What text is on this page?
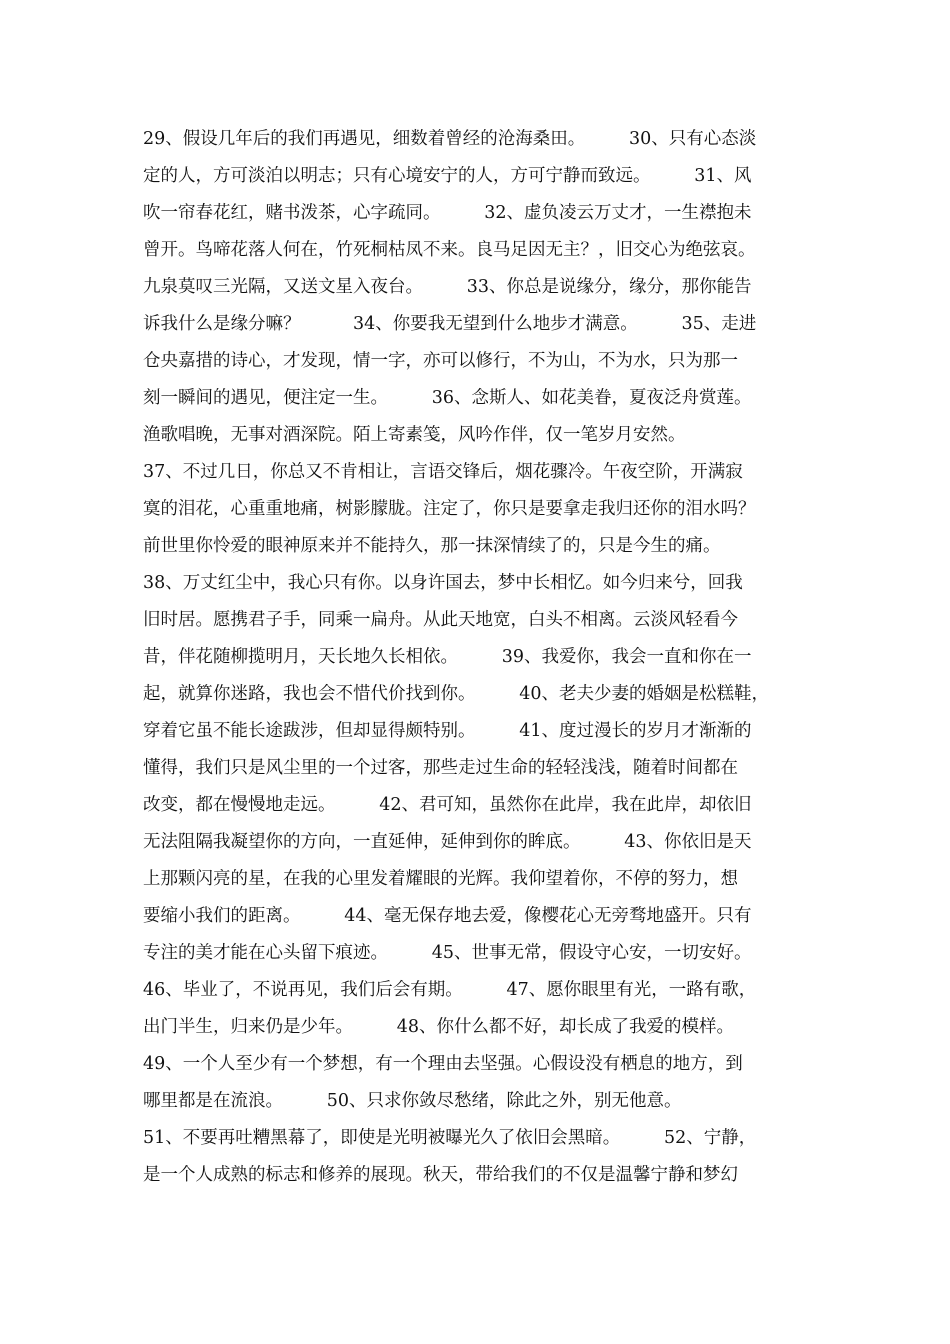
29、假设几年后的我们再遇见，细数着曾经的沧海桑田。　　　30、只有心态淡
定的人，方可淡泊以明志；只有心境安宁的人，方可宁静而致远。　　　31、风
吹一帘春花红，赌书泼茶，心字疏同。　　　32、虚负凌云万丈才，一生襟抱未
曾开。鸟啼花落人何在，竹死桐枯凤不来。良马足因无主？，旧交心为绝弦哀。
九泉莫叹三光隔，又送文星入夜台。　　　33、你总是说缘分，缘分，那你能告
诉我什么是缘分嘛？　　　34、你要我无望到什么地步才满意。　　　35、走进
仓央嘉措的诗心，才发现，情一字，亦可以修行，不为山，不为水，只为那一
刻一瞬间的遇见，便注定一生。　　　36、念斯人、如花美眷，夏夜泛舟赏莲。
渔歌唱晚，无事对酒深院。陌上寄素笺，风吟作伴，仅一笔岁月安然。
37、不过几日，你总又不肯相让，言语交锋后，烟花骤冷。午夜空阶，开满寂
寞的泪花，心重重地痛，树影朦胧。注定了，你只是要拿走我归还你的泪水吗？
前世里你怜爱的眼神原来并不能持久，那一抹深情续了的，只是今生的痛。
38、万丈红尘中，我心只有你。以身许国去，梦中长相忆。如今归来兮，回我
旧时居。愿携君子手，同乘一扁舟。从此天地宽，白头不相离。云淡风轻看今
昔，伴花随柳揽明月，天长地久长相依。　　　39、我爱你，我会一直和你在一
起，就算你迷路，我也会不惜代价找到你。　　　40、老夫少妻的婚姻是松糕鞋，
穿着它虽不能长途跋涉，但却显得颇特别。　　　41、度过漫长的岁月才渐渐的
懂得，我们只是风尘里的一个过客，那些走过生命的轻轻浅浅，随着时间都在
改变，都在慢慢地走远。　　　42、君可知，虽然你在此岸，我在此岸，却依旧
无法阻隔我凝望你的方向，一直延伸，延伸到你的眸底。　　　43、你依旧是天
上那颗闪亮的星，在我的心里发着耀眼的光辉。我仰望着你，不停的努力，想
要缩小我们的距离。　　　44、毫无保存地去爱，像樱花心无旁骛地盛开。只有
专注的美才能在心头留下痕迹。　　　45、世事无常，假设守心安，一切安好。
46、毕业了，不说再见，我们后会有期。　　　47、愿你眼里有光，一路有歌，
出门半生，归来仍是少年。　　　48、你什么都不好，却长成了我爱的模样。
49、一个人至少有一个梦想，有一个理由去坚强。心假设没有栖息的地方，到
哪里都是在流浪。　　　50、只求你敛尽愁绪，除此之外，别无他意。
51、不要再吐糟黑幕了，即使是光明被曝光久了依旧会黑暗。　　　52、宁静，
是一个人成熟的标志和修养的展现。秋天，带给我们的不仅是温馨宁静和梦幻
